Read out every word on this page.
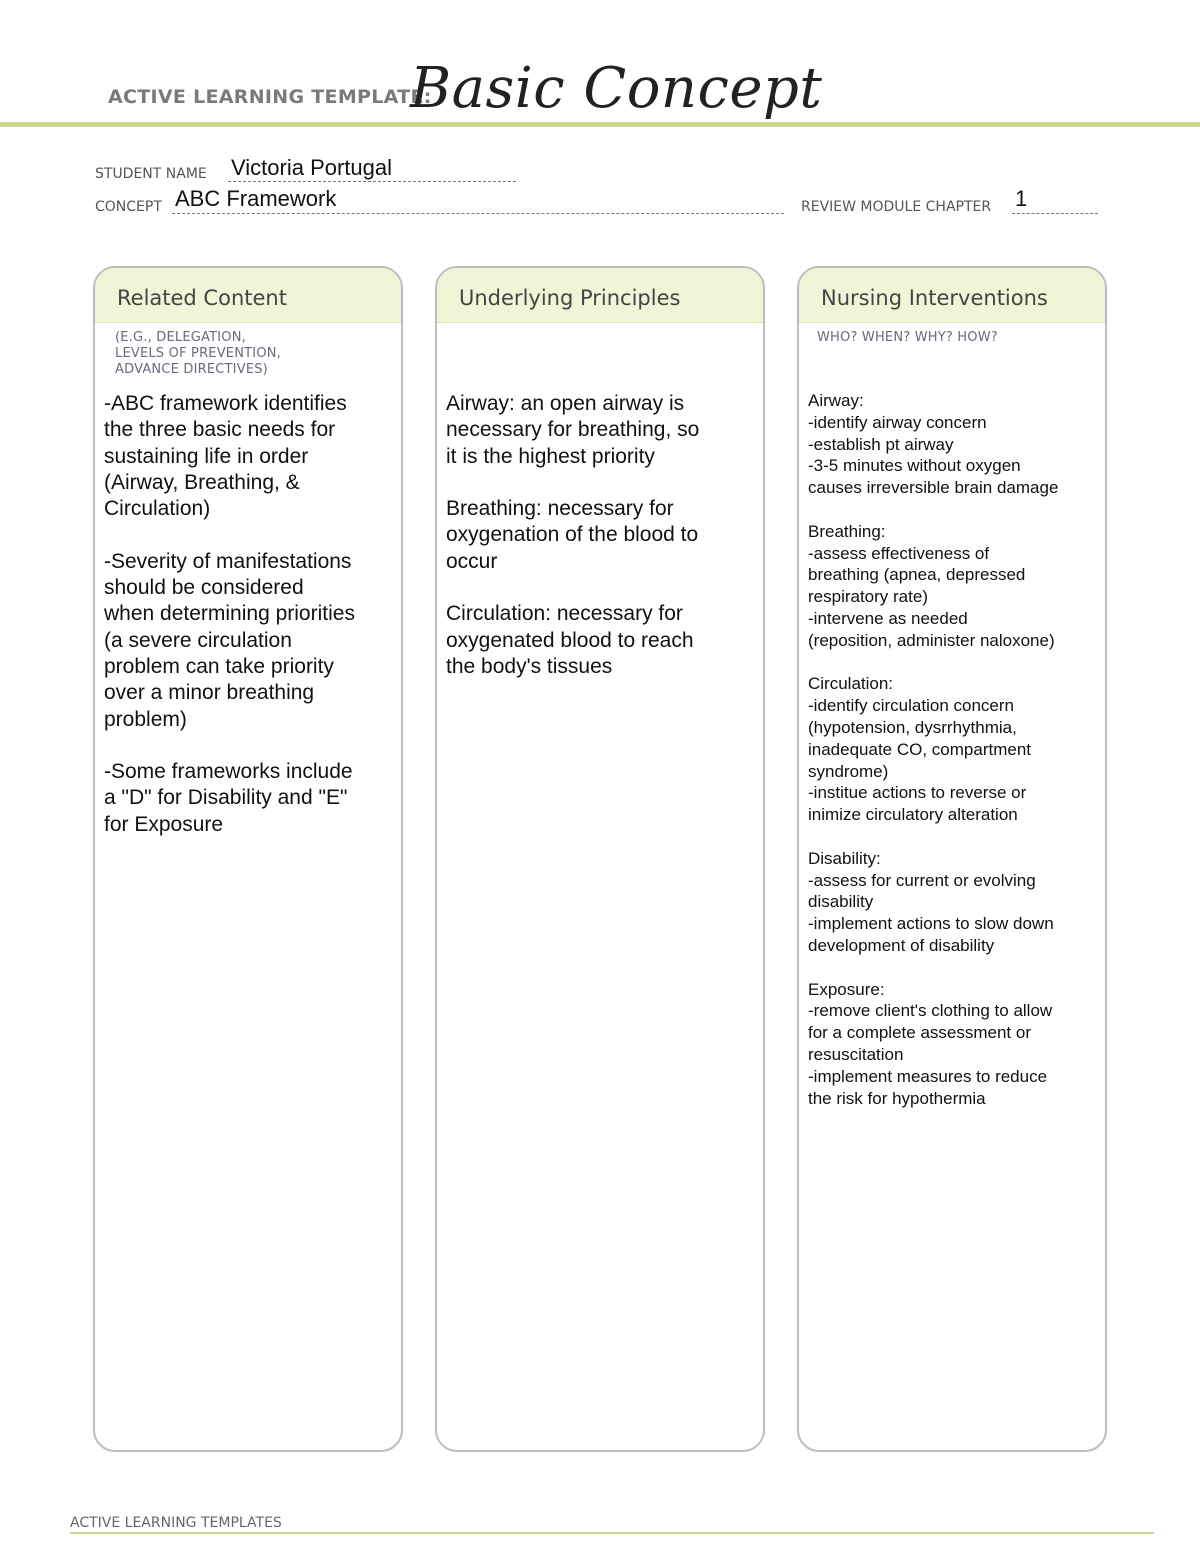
ACTIVE LEARNING TEMPLATE:
Basic Concept
STUDENT NAME Victoria Portugal
CONCEPT ABC Framework	REVIEW MODULE CHAPTER 1
Related Content
(E.G., DELEGATION,
LEVELS OF PREVENTION,
ADVANCE DIRECTIVES)
-ABC framework identifies
the three basic needs for
sustaining life in order
(Airway, Breathing, &
Circulation)

-Severity of manifestations
should be considered
when determining priorities
(a severe circulation
problem can take priority
over a minor breathing
problem)

-Some frameworks include
a "D" for Disability and "E"
for Exposure
Underlying Principles
Airway: an open airway is
necessary for breathing, so
it is the highest priority

Breathing: necessary for
oxygenation of the blood to
occur

Circulation: necessary for
oxygenated blood to reach
the body's tissues
Nursing Interventions
WHO? WHEN? WHY? HOW?
Airway:
-identify airway concern
-establish pt airway
-3-5 minutes without oxygen
causes irreversible brain damage

Breathing:
-assess effectiveness of
breathing (apnea, depressed
respiratory rate)
-intervene as needed
(reposition, administer naloxone)

Circulation:
-identify circulation concern
(hypotension, dysrrhythmia,
inadequate CO, compartment
syndrome)
-institue actions to reverse or
inimize circulatory alteration

Disability:
-assess for current or evolving
disability
-implement actions to slow down
development of disability

Exposure:
-remove client's clothing to allow
for a complete assessment or
resuscitation
-implement measures to reduce
the risk for hypothermia
ACTIVE LEARNING TEMPLATES
